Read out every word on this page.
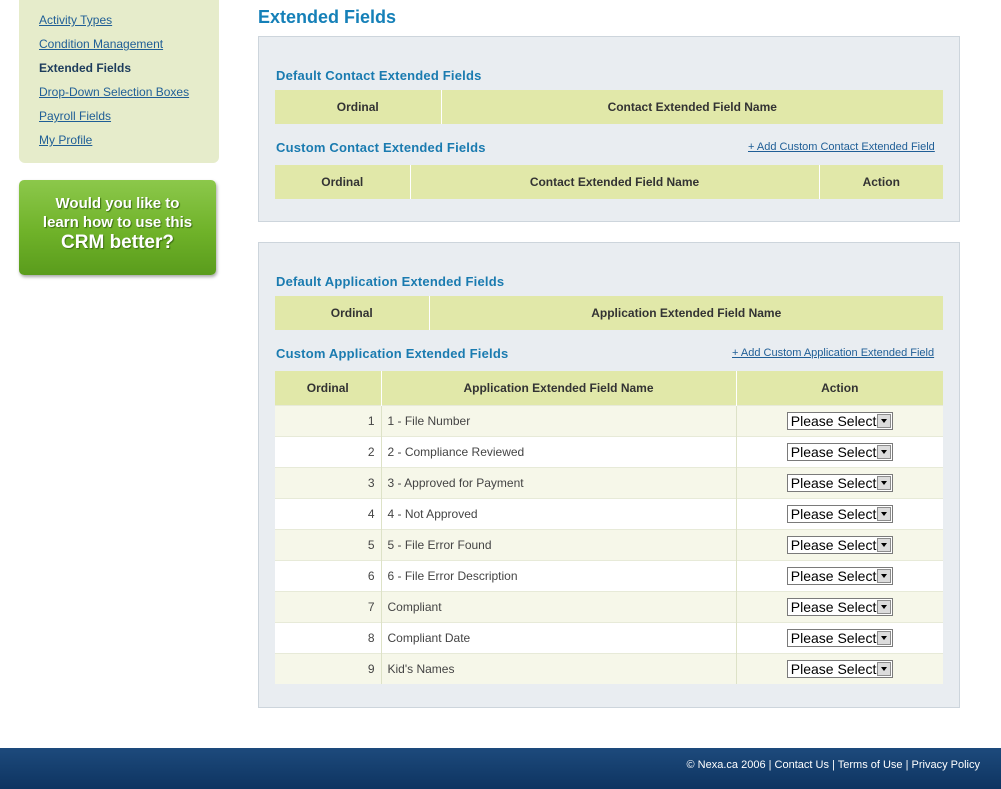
Activity Types
Condition Management
Extended Fields
Drop-Down Selection Boxes
Payroll Fields
My Profile
Would you like to
learn how to use this
CRM better?
Extended Fields
Default Contact Extended Fields
Ordinal	Contact Extended Field Name
Custom Contact Extended Fields	+ Add Custom Contact Extended Field
Ordinal	Contact Extended Field Name	Action
Default Application Extended Fields
Ordinal	Application Extended Field Name
Custom Application Extended Fields	+ Add Custom Application Extended Field
Ordinal	Application Extended Field Name	Action
1	1 - File Number	Please Select

2	2 - Compliance Reviewed	Please Select

3	3 - Approved for Payment	Please Select

4	4 - Not Approved	Please Select

5	5 - File Error Found	Please Select

6	6 - File Error Description	Please Select

7	Compliant	Please Select

8	Compliant Date	Please Select

9	Kid's Names	Please Select
© Nexa.ca 2006 | Contact Us | Terms of Use | Privacy Policy
